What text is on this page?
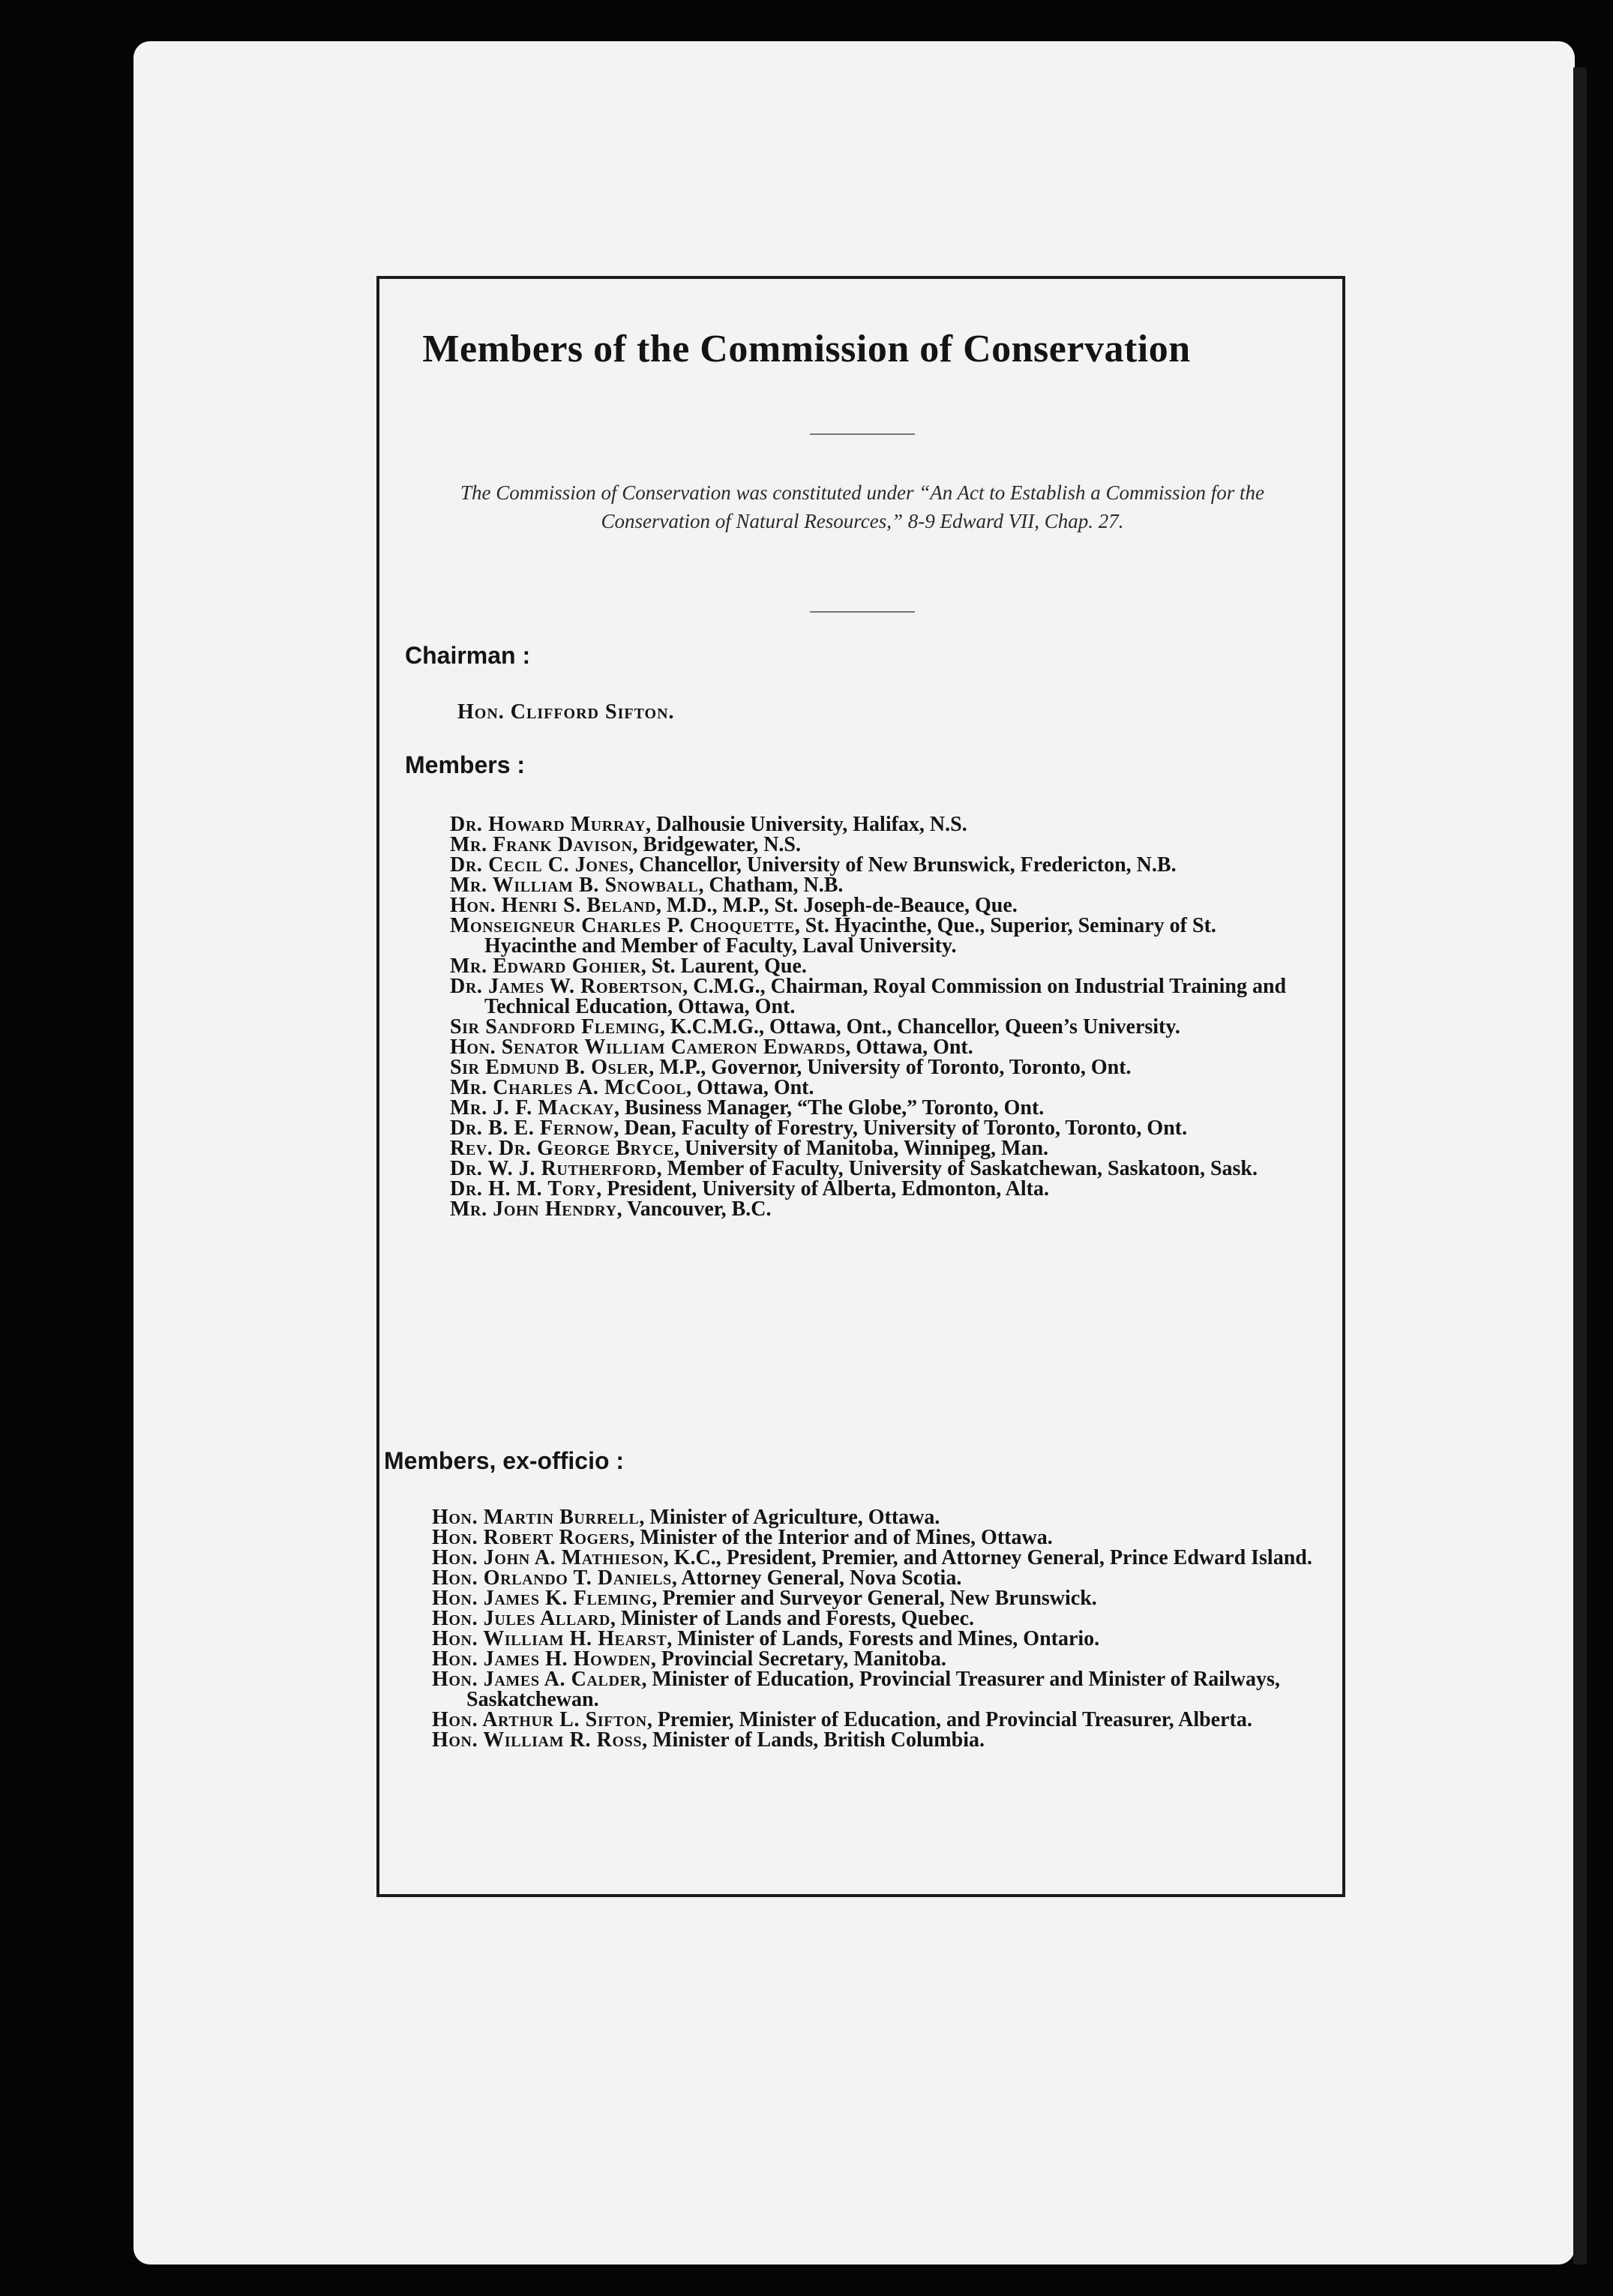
Members of the Commission of Conservation
The Commission of Conservation was constituted under “An Act to Establish a Commission for the Conservation of Natural Resources,” 8-9 Edward VII, Chap. 27.
Chairman :
Hon. Clifford Sifton.
Members :
Dr. Howard Murray, Dalhousie University, Halifax, N.S.
Mr. Frank Davison, Bridgewater, N.S.
Dr. Cecil C. Jones, Chancellor, University of New Brunswick, Fredericton, N.B.
Mr. William B. Snowball, Chatham, N.B.
Hon. Henri S. Beland, M.D., M.P., St. Joseph-de-Beauce, Que.
Monseigneur Charles P. Choquette, St. Hyacinthe, Que., Superior, Seminary of St. Hyacinthe and Member of Faculty, Laval University.
Mr. Edward Gohier, St. Laurent, Que.
Dr. James W. Robertson, C.M.G., Chairman, Royal Commission on Industrial Training and Technical Education, Ottawa, Ont.
Sir Sandford Fleming, K.C.M.G., Ottawa, Ont., Chancellor, Queen’s University.
Hon. Senator William Cameron Edwards, Ottawa, Ont.
Sir Edmund B. Osler, M.P., Governor, University of Toronto, Toronto, Ont.
Mr. Charles A. McCool, Ottawa, Ont.
Mr. J. F. Mackay, Business Manager, “The Globe,” Toronto, Ont.
Dr. B. E. Fernow, Dean, Faculty of Forestry, University of Toronto, Toronto, Ont.
Rev. Dr. George Bryce, University of Manitoba, Winnipeg, Man.
Dr. W. J. Rutherford, Member of Faculty, University of Saskatchewan, Saskatoon, Sask.
Dr. H. M. Tory, President, University of Alberta, Edmonton, Alta.
Mr. John Hendry, Vancouver, B.C.
Members, ex-officio :
Hon. Martin Burrell, Minister of Agriculture, Ottawa.
Hon. Robert Rogers, Minister of the Interior and of Mines, Ottawa.
Hon. John A. Mathieson, K.C., President, Premier, and Attorney General, Prince Edward Island.
Hon. Orlando T. Daniels, Attorney General, Nova Scotia.
Hon. James K. Fleming, Premier and Surveyor General, New Brunswick.
Hon. Jules Allard, Minister of Lands and Forests, Quebec.
Hon. William H. Hearst, Minister of Lands, Forests and Mines, Ontario.
Hon. James H. Howden, Provincial Secretary, Manitoba.
Hon. James A. Calder, Minister of Education, Provincial Treasurer and Minister of Railways, Saskatchewan.
Hon. Arthur L. Sifton, Premier, Minister of Education, and Provincial Treasurer, Alberta.
Hon. William R. Ross, Minister of Lands, British Columbia.
